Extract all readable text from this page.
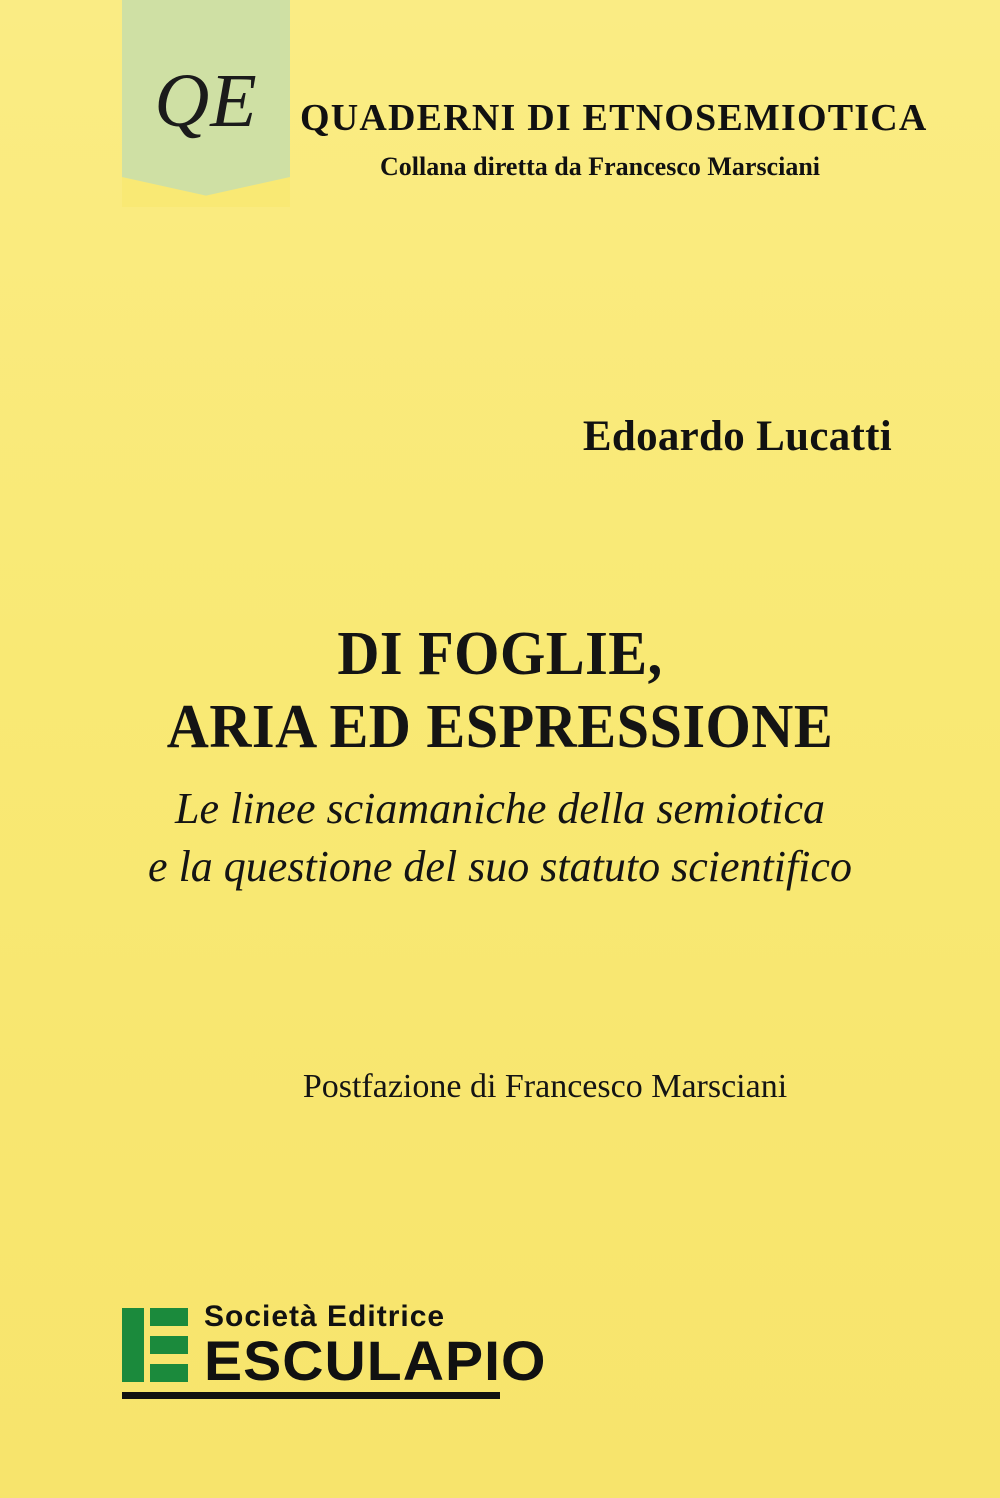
QE	QUADERNI DI ETNOSEMIOTICA
Collana diretta da Francesco Marsciani
Edoardo Lucatti
DI FOGLIE,
ARIA ED ESPRESSIONE
Le linee sciamaniche della semiotica
e la questione del suo statuto scientifico
Postfazione di Francesco Marsciani
Società Editrice
ESCULAPIO
